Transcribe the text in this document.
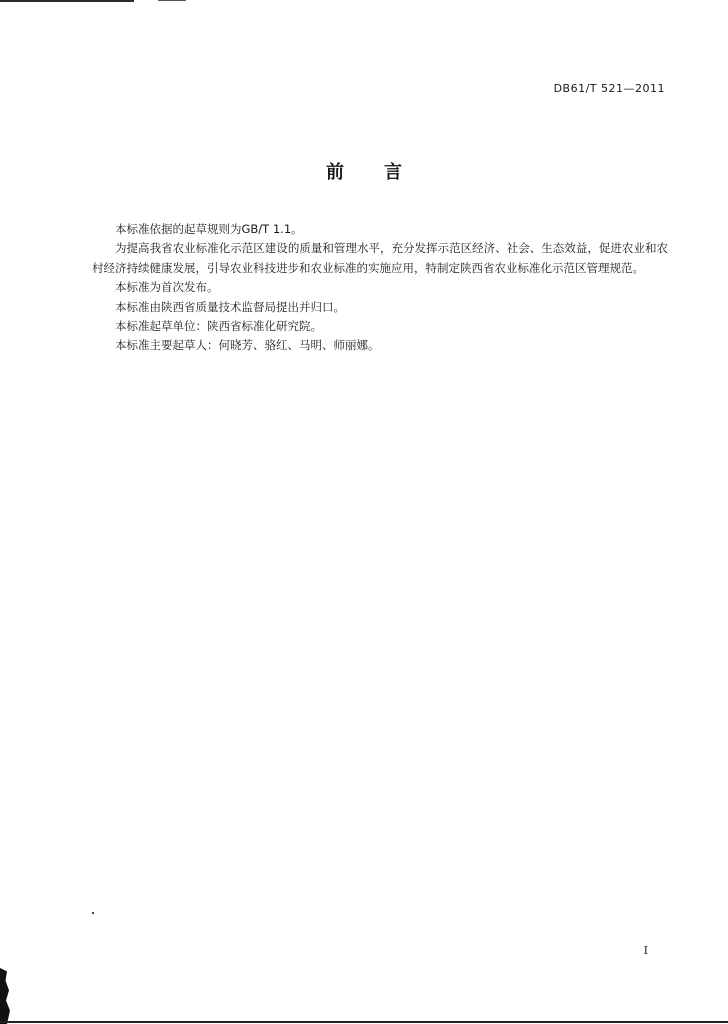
DB61/T 521—2011
前 言

本标准依据的起草规则为GB/T 1.1。

为提高我省农业标准化示范区建设的质量和管理水平，充分发挥示范区经济、社会、生态效益，促进农业和农村经济持续健康发展，引导农业科技进步和农业标准的实施应用，特制定陕西省农业标准化示范区管理规范。

本标准为首次发布。

本标准由陕西省质量技术监督局提出并归口。

本标准起草单位：陕西省标准化研究院。

本标准主要起草人：何晓芳、骆红、马明、师丽娜。

I
